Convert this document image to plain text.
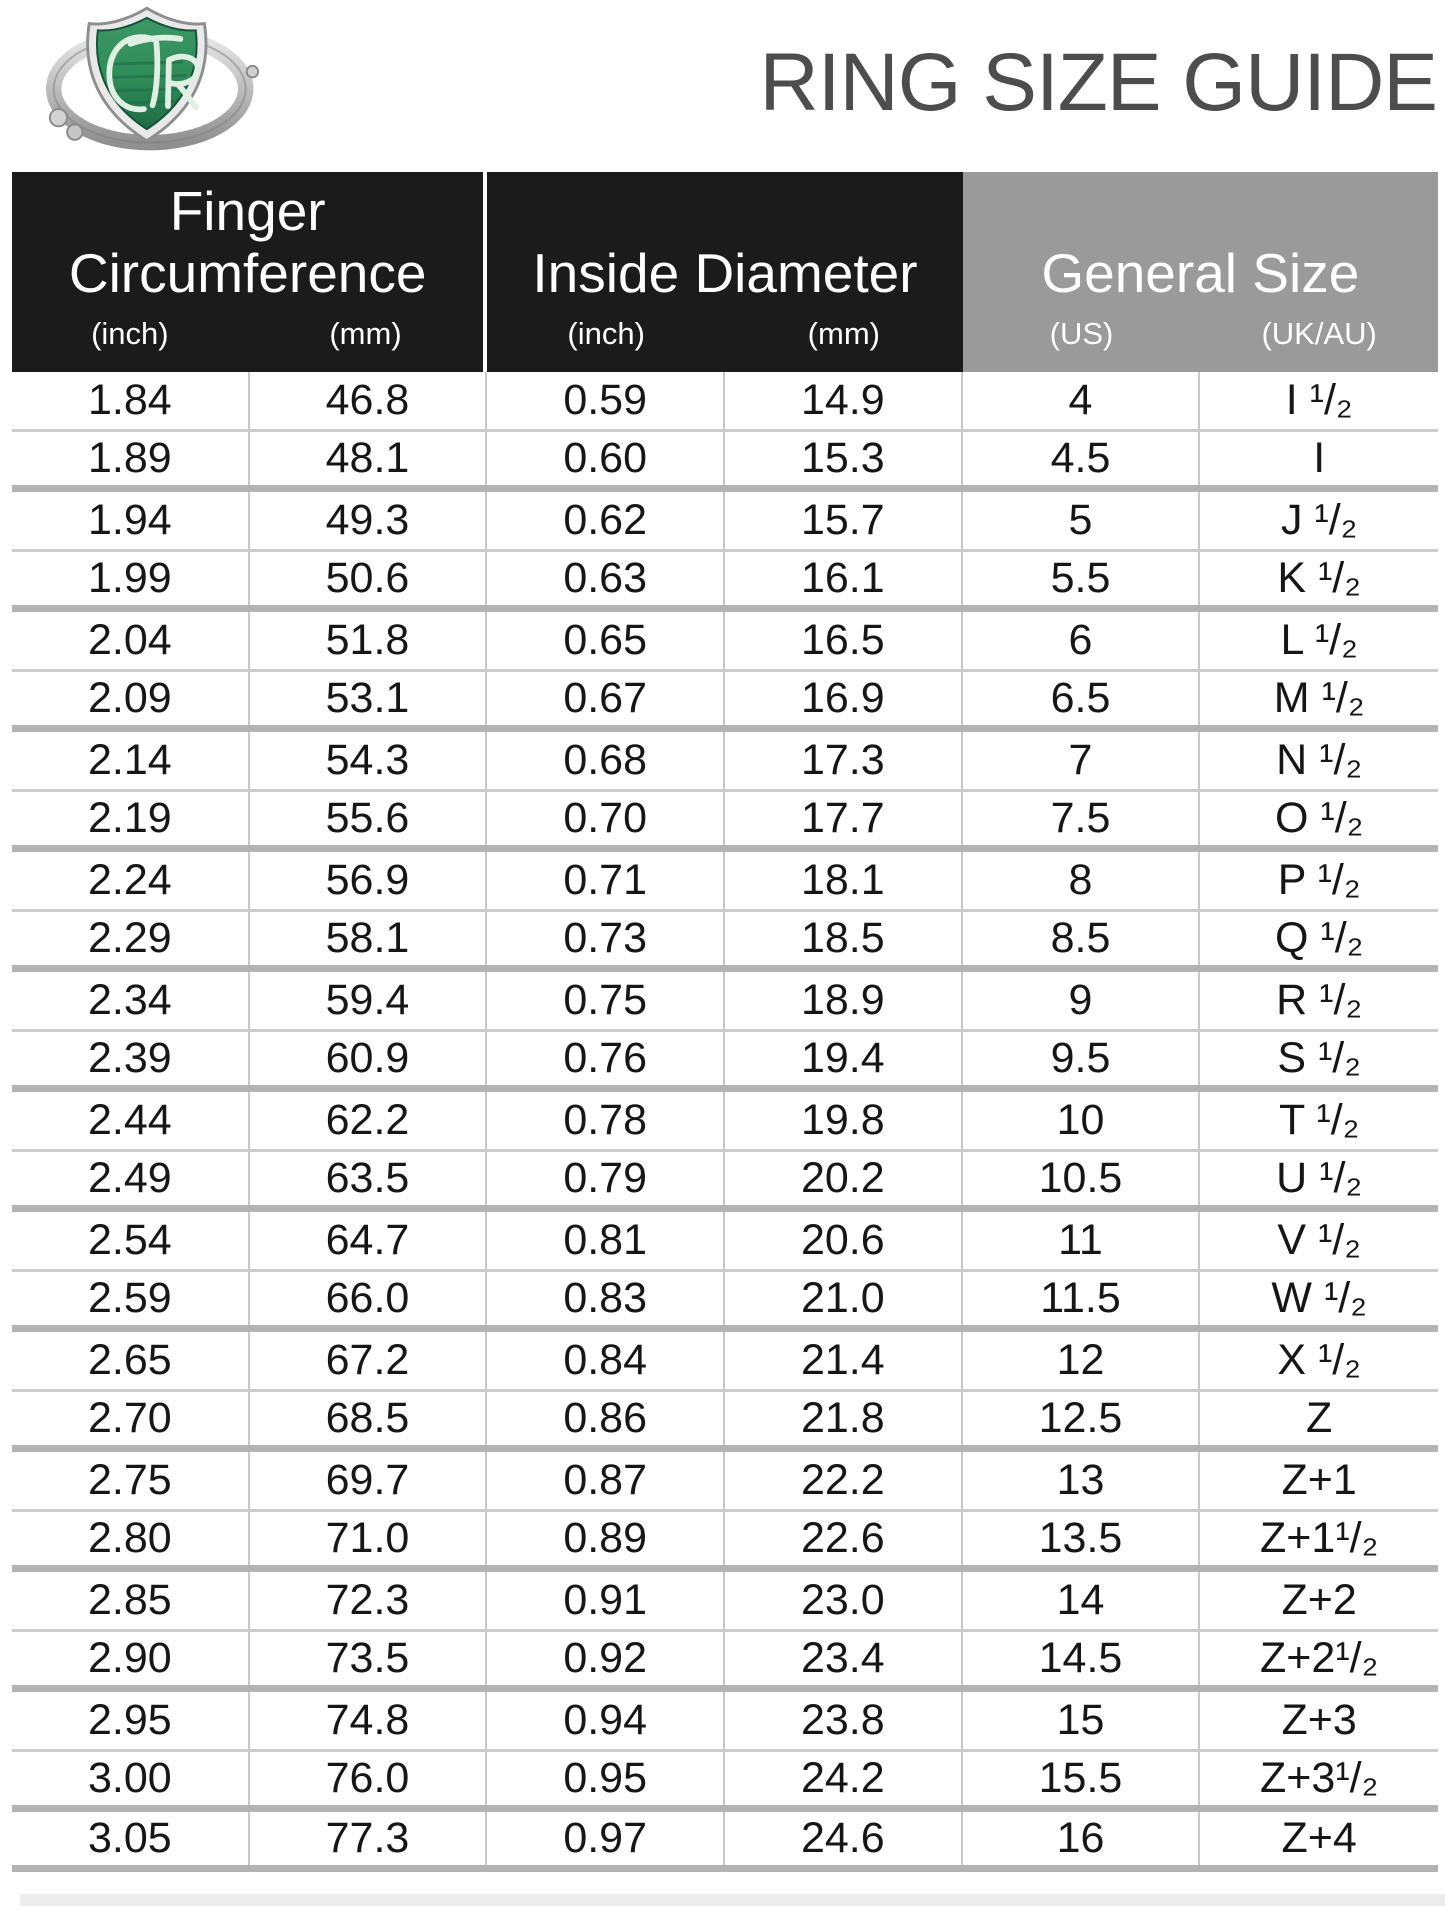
RING SIZE GUIDE
Finger Circumference
(inch)	(mm)
Inside Diameter
(inch)	(mm)
General Size
(US)	(UK/AU)
1.84	46.8	0.59	14.9	4	I ¹/₂
1.89	48.1	0.60	15.3	4.5	I
1.94	49.3	0.62	15.7	5	J ¹/₂
1.99	50.6	0.63	16.1	5.5	K ¹/₂
2.04	51.8	0.65	16.5	6	L ¹/₂
2.09	53.1	0.67	16.9	6.5	M ¹/₂
2.14	54.3	0.68	17.3	7	N ¹/₂
2.19	55.6	0.70	17.7	7.5	O ¹/₂
2.24	56.9	0.71	18.1	8	P ¹/₂
2.29	58.1	0.73	18.5	8.5	Q ¹/₂
2.34	59.4	0.75	18.9	9	R ¹/₂
2.39	60.9	0.76	19.4	9.5	S ¹/₂
2.44	62.2	0.78	19.8	10	T ¹/₂
2.49	63.5	0.79	20.2	10.5	U ¹/₂
2.54	64.7	0.81	20.6	11	V ¹/₂
2.59	66.0	0.83	21.0	11.5	W ¹/₂
2.65	67.2	0.84	21.4	12	X ¹/₂
2.70	68.5	0.86	21.8	12.5	Z
2.75	69.7	0.87	22.2	13	Z+1
2.80	71.0	0.89	22.6	13.5	Z+1¹/₂
2.85	72.3	0.91	23.0	14	Z+2
2.90	73.5	0.92	23.4	14.5	Z+2¹/₂
2.95	74.8	0.94	23.8	15	Z+3
3.00	76.0	0.95	24.2	15.5	Z+3¹/₂
3.05	77.3	0.97	24.6	16	Z+4
